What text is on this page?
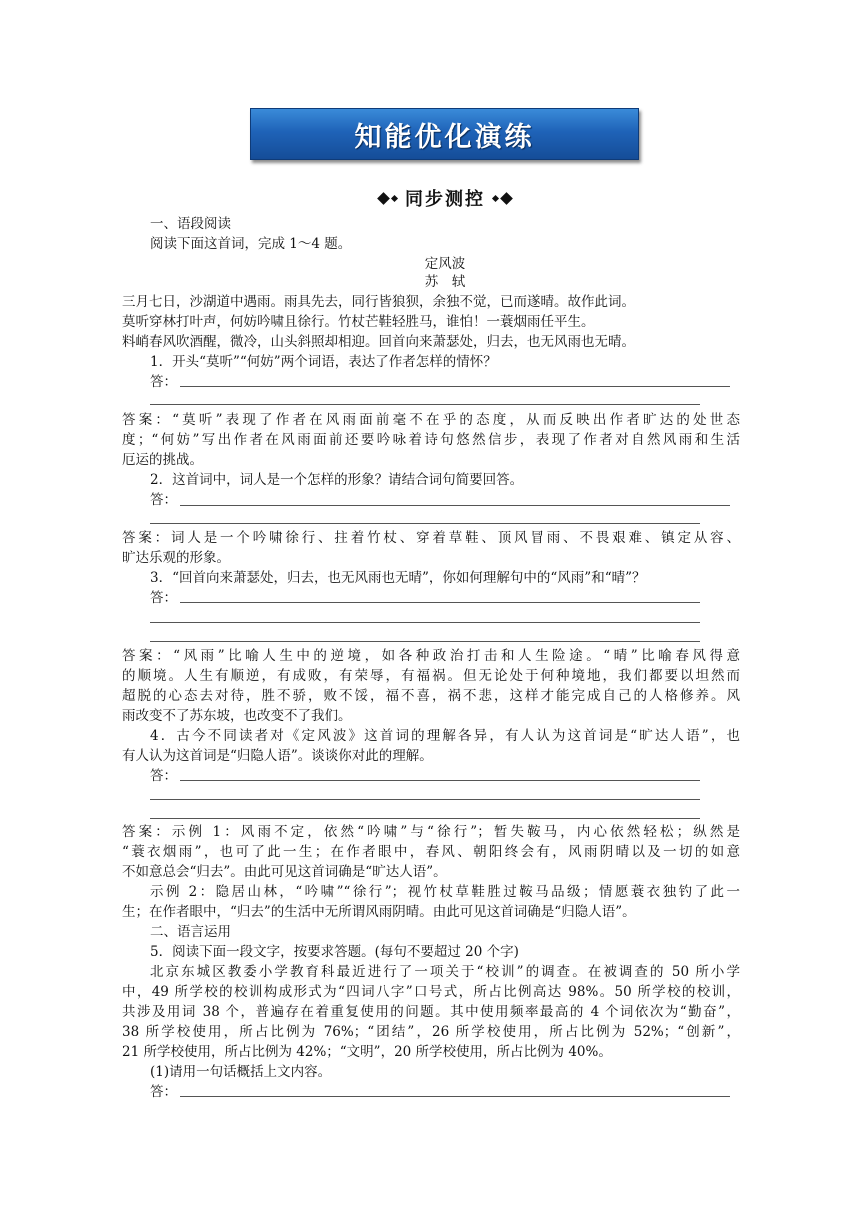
知能优化演练
同步测控
一、语段阅读
阅读下面这首词，完成 1～4 题。
定风波
苏　轼
三月七日，沙湖道中遇雨。雨具先去，同行皆狼狈，余独不觉，已而遂晴。故作此词。
莫听穿林打叶声，何妨吟啸且徐行。竹杖芒鞋轻胜马，谁怕！一蓑烟雨任平生。
料峭春风吹酒醒，微冷，山头斜照却相迎。回首向来萧瑟处，归去，也无风雨也无晴。
1．开头“莫听”“何妨”两个词语，表达了作者怎样的情怀？
答：
答案：“莫听”表现了作者在风雨面前毫不在乎的态度，从而反映出作者旷达的处世态
度；“何妨”写出作者在风雨面前还要吟咏着诗句悠然信步，表现了作者对自然风雨和生活
厄运的挑战。
2．这首词中，词人是一个怎样的形象？请结合词句简要回答。
答：
答案：词人是一个吟啸徐行、拄着竹杖、穿着草鞋、顶风冒雨、不畏艰难、镇定从容、
旷达乐观的形象。
3．“回首向来萧瑟处，归去，也无风雨也无晴”，你如何理解句中的“风雨”和“晴”？
答：
答案：“风雨”比喻人生中的逆境，如各种政治打击和人生险途。“晴”比喻春风得意
的顺境。人生有顺逆，有成败，有荣辱，有福祸。但无论处于何种境地，我们都要以坦然而
超脱的心态去对待，胜不骄，败不馁，福不喜，祸不悲，这样才能完成自己的人格修养。风
雨改变不了苏东坡，也改变不了我们。
4．古今不同读者对《定风波》这首词的理解各异，有人认为这首词是“旷达人语”，也
有人认为这首词是“归隐人语”。谈谈你对此的理解。
答：
答案：示例 1：风雨不定，依然“吟啸”与“徐行”；暂失鞍马，内心依然轻松；纵然是
“蓑衣烟雨”，也可了此一生；在作者眼中，春风、朝阳终会有，风雨阴晴以及一切的如意
不如意总会“归去”。由此可见这首词确是“旷达人语”。
示例 2：隐居山林，“吟啸”“徐行”；视竹杖草鞋胜过鞍马品级；情愿蓑衣独钓了此一
生；在作者眼中，“归去”的生活中无所谓风雨阴晴。由此可见这首词确是“归隐人语”。
二、语言运用
5．阅读下面一段文字，按要求答题。(每句不要超过 20 个字)
北京东城区教委小学教育科最近进行了一项关于“校训”的调查。在被调查的 50 所小学
中，49 所学校的校训构成形式为“四词八字”口号式，所占比例高达 98%。50 所学校的校训，
共涉及用词 38 个，普遍存在着重复使用的问题。其中使用频率最高的 4 个词依次为“勤奋”，
38 所学校使用，所占比例为 76%；“团结”，26 所学校使用，所占比例为 52%；“创新”，
21 所学校使用，所占比例为 42%；“文明”，20 所学校使用，所占比例为 40%。
(1)请用一句话概括上文内容。
答：
